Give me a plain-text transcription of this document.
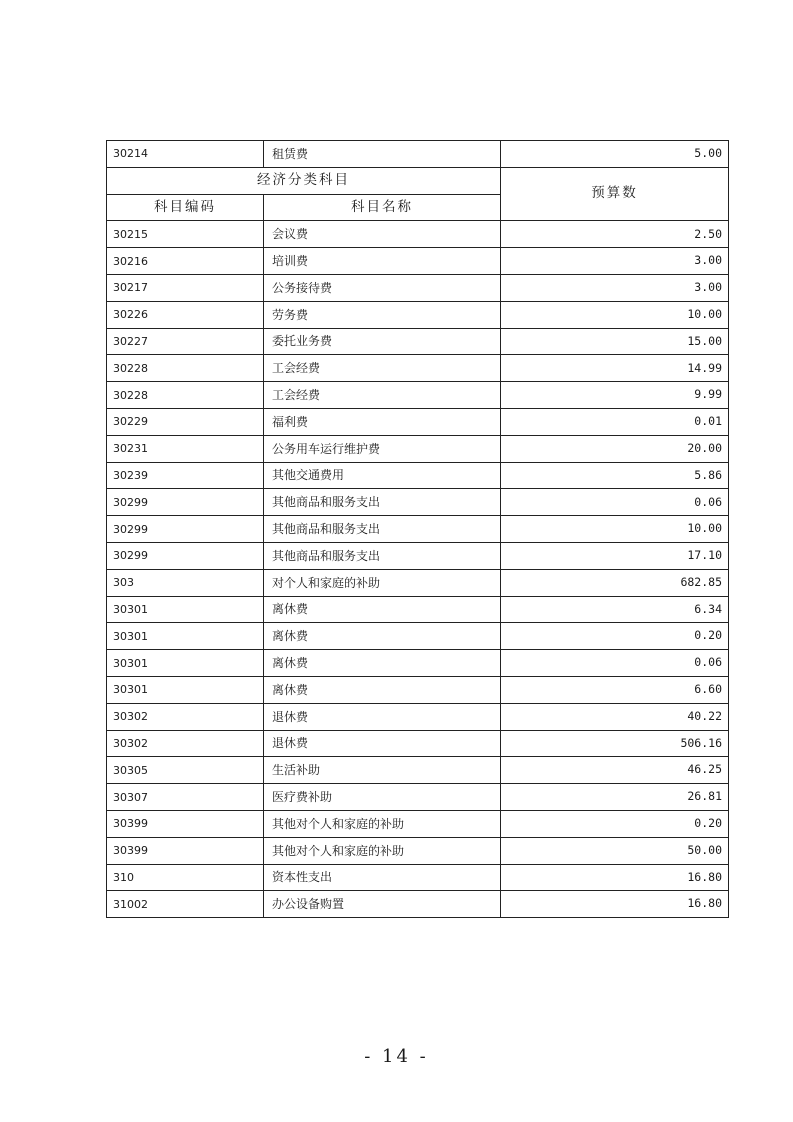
30214	租赁费	5.00
经济分类科目		预算数
科目编码	科目名称	
30215	会议费	2.50
30216	培训费	3.00
30217	公务接待费	3.00
30226	劳务费	10.00
30227	委托业务费	15.00
30228	工会经费	14.99
30228	工会经费	9.99
30229	福利费	0.01
30231	公务用车运行维护费	20.00
30239	其他交通费用	5.86
30299	其他商品和服务支出	0.06
30299	其他商品和服务支出	10.00
30299	其他商品和服务支出	17.10
303	对个人和家庭的补助	682.85
30301	离休费	6.34
30301	离休费	0.20
30301	离休费	0.06
30301	离休费	6.60
30302	退休费	40.22
30302	退休费	506.16
30305	生活补助	46.25
30307	医疗费补助	26.81
30399	其他对个人和家庭的补助	0.20
30399	其他对个人和家庭的补助	50.00
310	资本性支出	16.80
31002	办公设备购置	16.80
- 14 -
